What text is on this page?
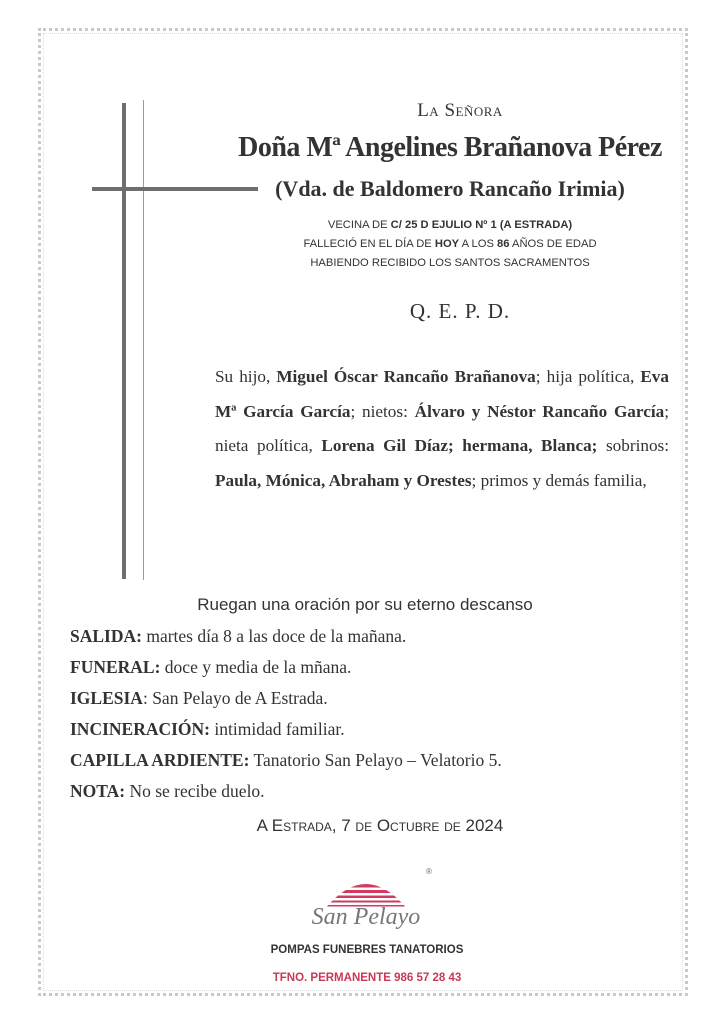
La Señora
Doña Mª Angelines Brañanova Pérez
(Vda. de Baldomero Rancaño Irimia)
VECINA DE C/ 25 D EJULIO Nº 1 (A ESTRADA)
FALLECIÓ EN EL DÍA DE HOY A LOS 86 AÑOS DE EDAD
HABIENDO RECIBIDO LOS SANTOS SACRAMENTOS
Q. E. P. D.
Su hijo, Miguel Óscar Rancaño Brañanova; hija política, Eva Mª García García; nietos: Álvaro y Néstor Rancaño García; nieta política, Lorena Gil Díaz; hermana, Blanca; sobrinos: Paula, Mónica, Abraham y Orestes; primos y demás familia,
Ruegan una oración por su eterno descanso
SALIDA: martes día 8 a las doce de la mañana.
FUNERAL: doce y media de la mñana.
IGLESIA: San Pelayo de A Estrada.
INCINERACIÓN: intimidad familiar.
CAPILLA ARDIENTE: Tanatorio San Pelayo – Velatorio 5.
NOTA: No se recibe duelo.
A Estrada, 7 de Octubre de 2024
®
San Pelayo
POMPAS FUNEBRES TANATORIOS
TFNO. PERMANENTE 986 57 28 43
